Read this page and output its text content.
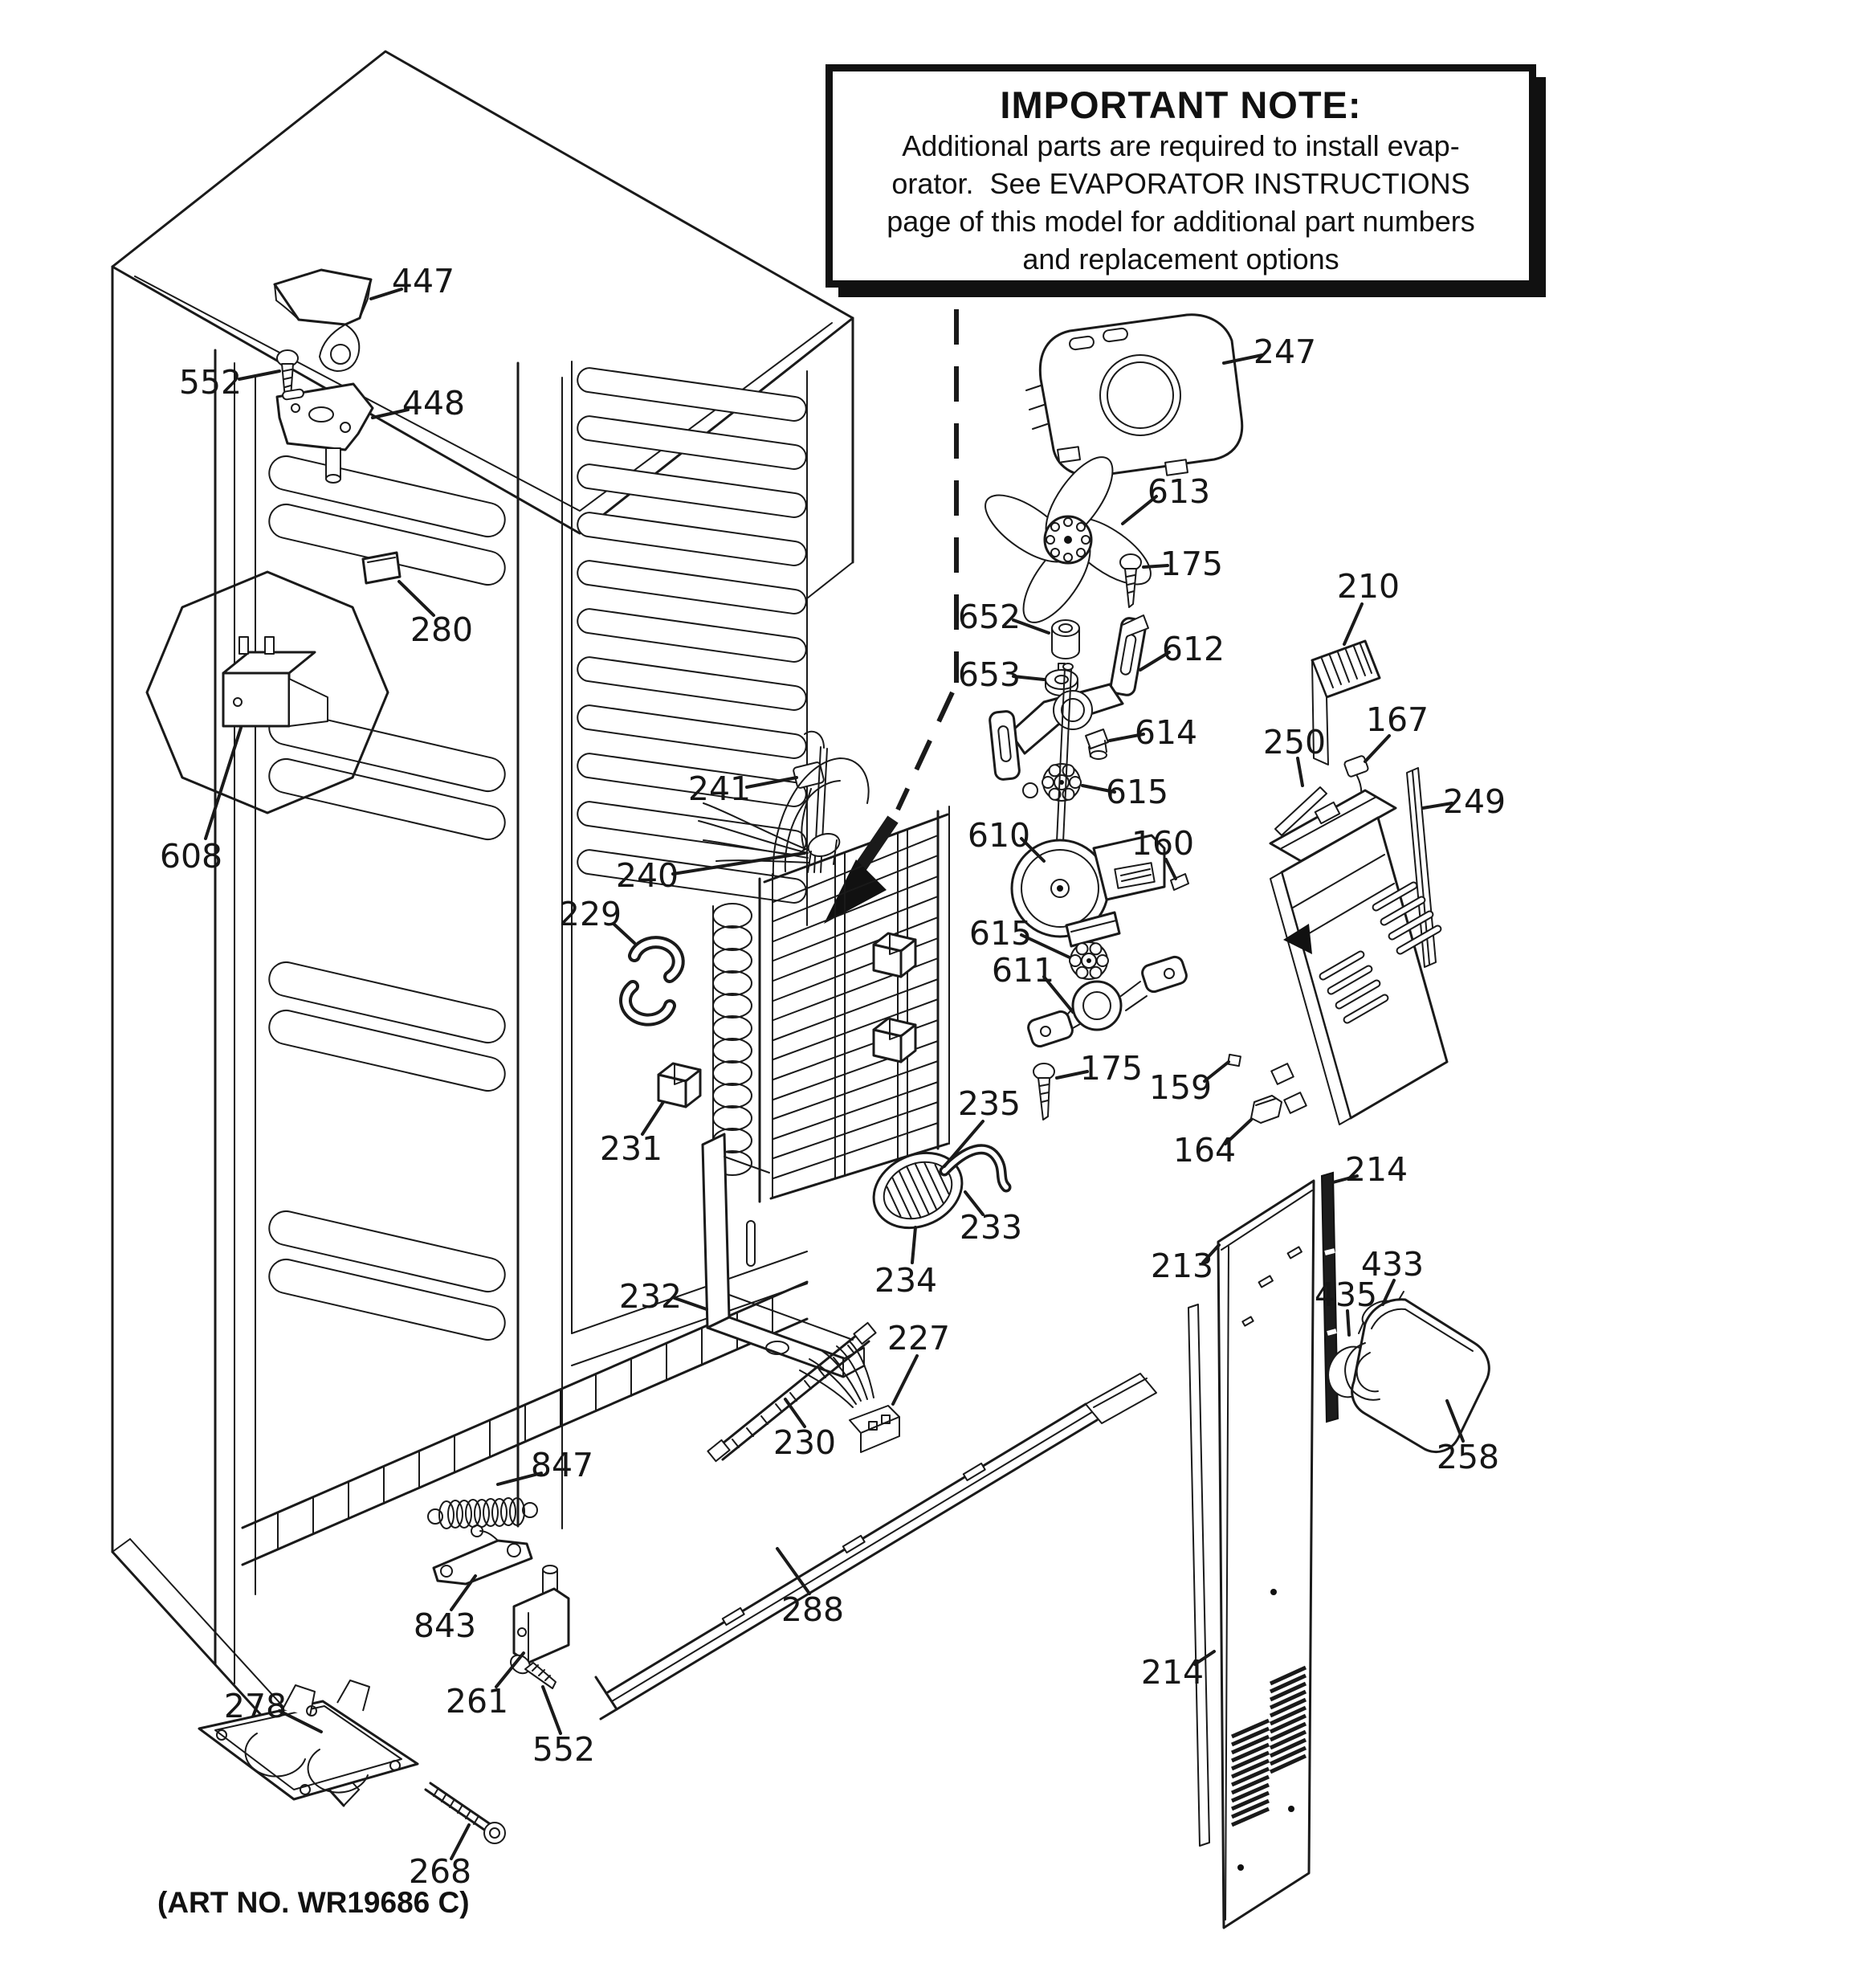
IMPORTANT NOTE:
Additional parts are required to install evap-
orator.  See EVAPORATOR INSTRUCTIONS
page of this model for additional part numbers
and replacement options
(ART NO. WR19686 C)
447
552
448
280
608
241
240
229
231
232
230
227
235
234
233
247
613
175
652
653
612
614
615
610
615
611
175
210
250
167
249
160
159
164	214
213	433
435
258
214
288
847
843
261
552
278
268
